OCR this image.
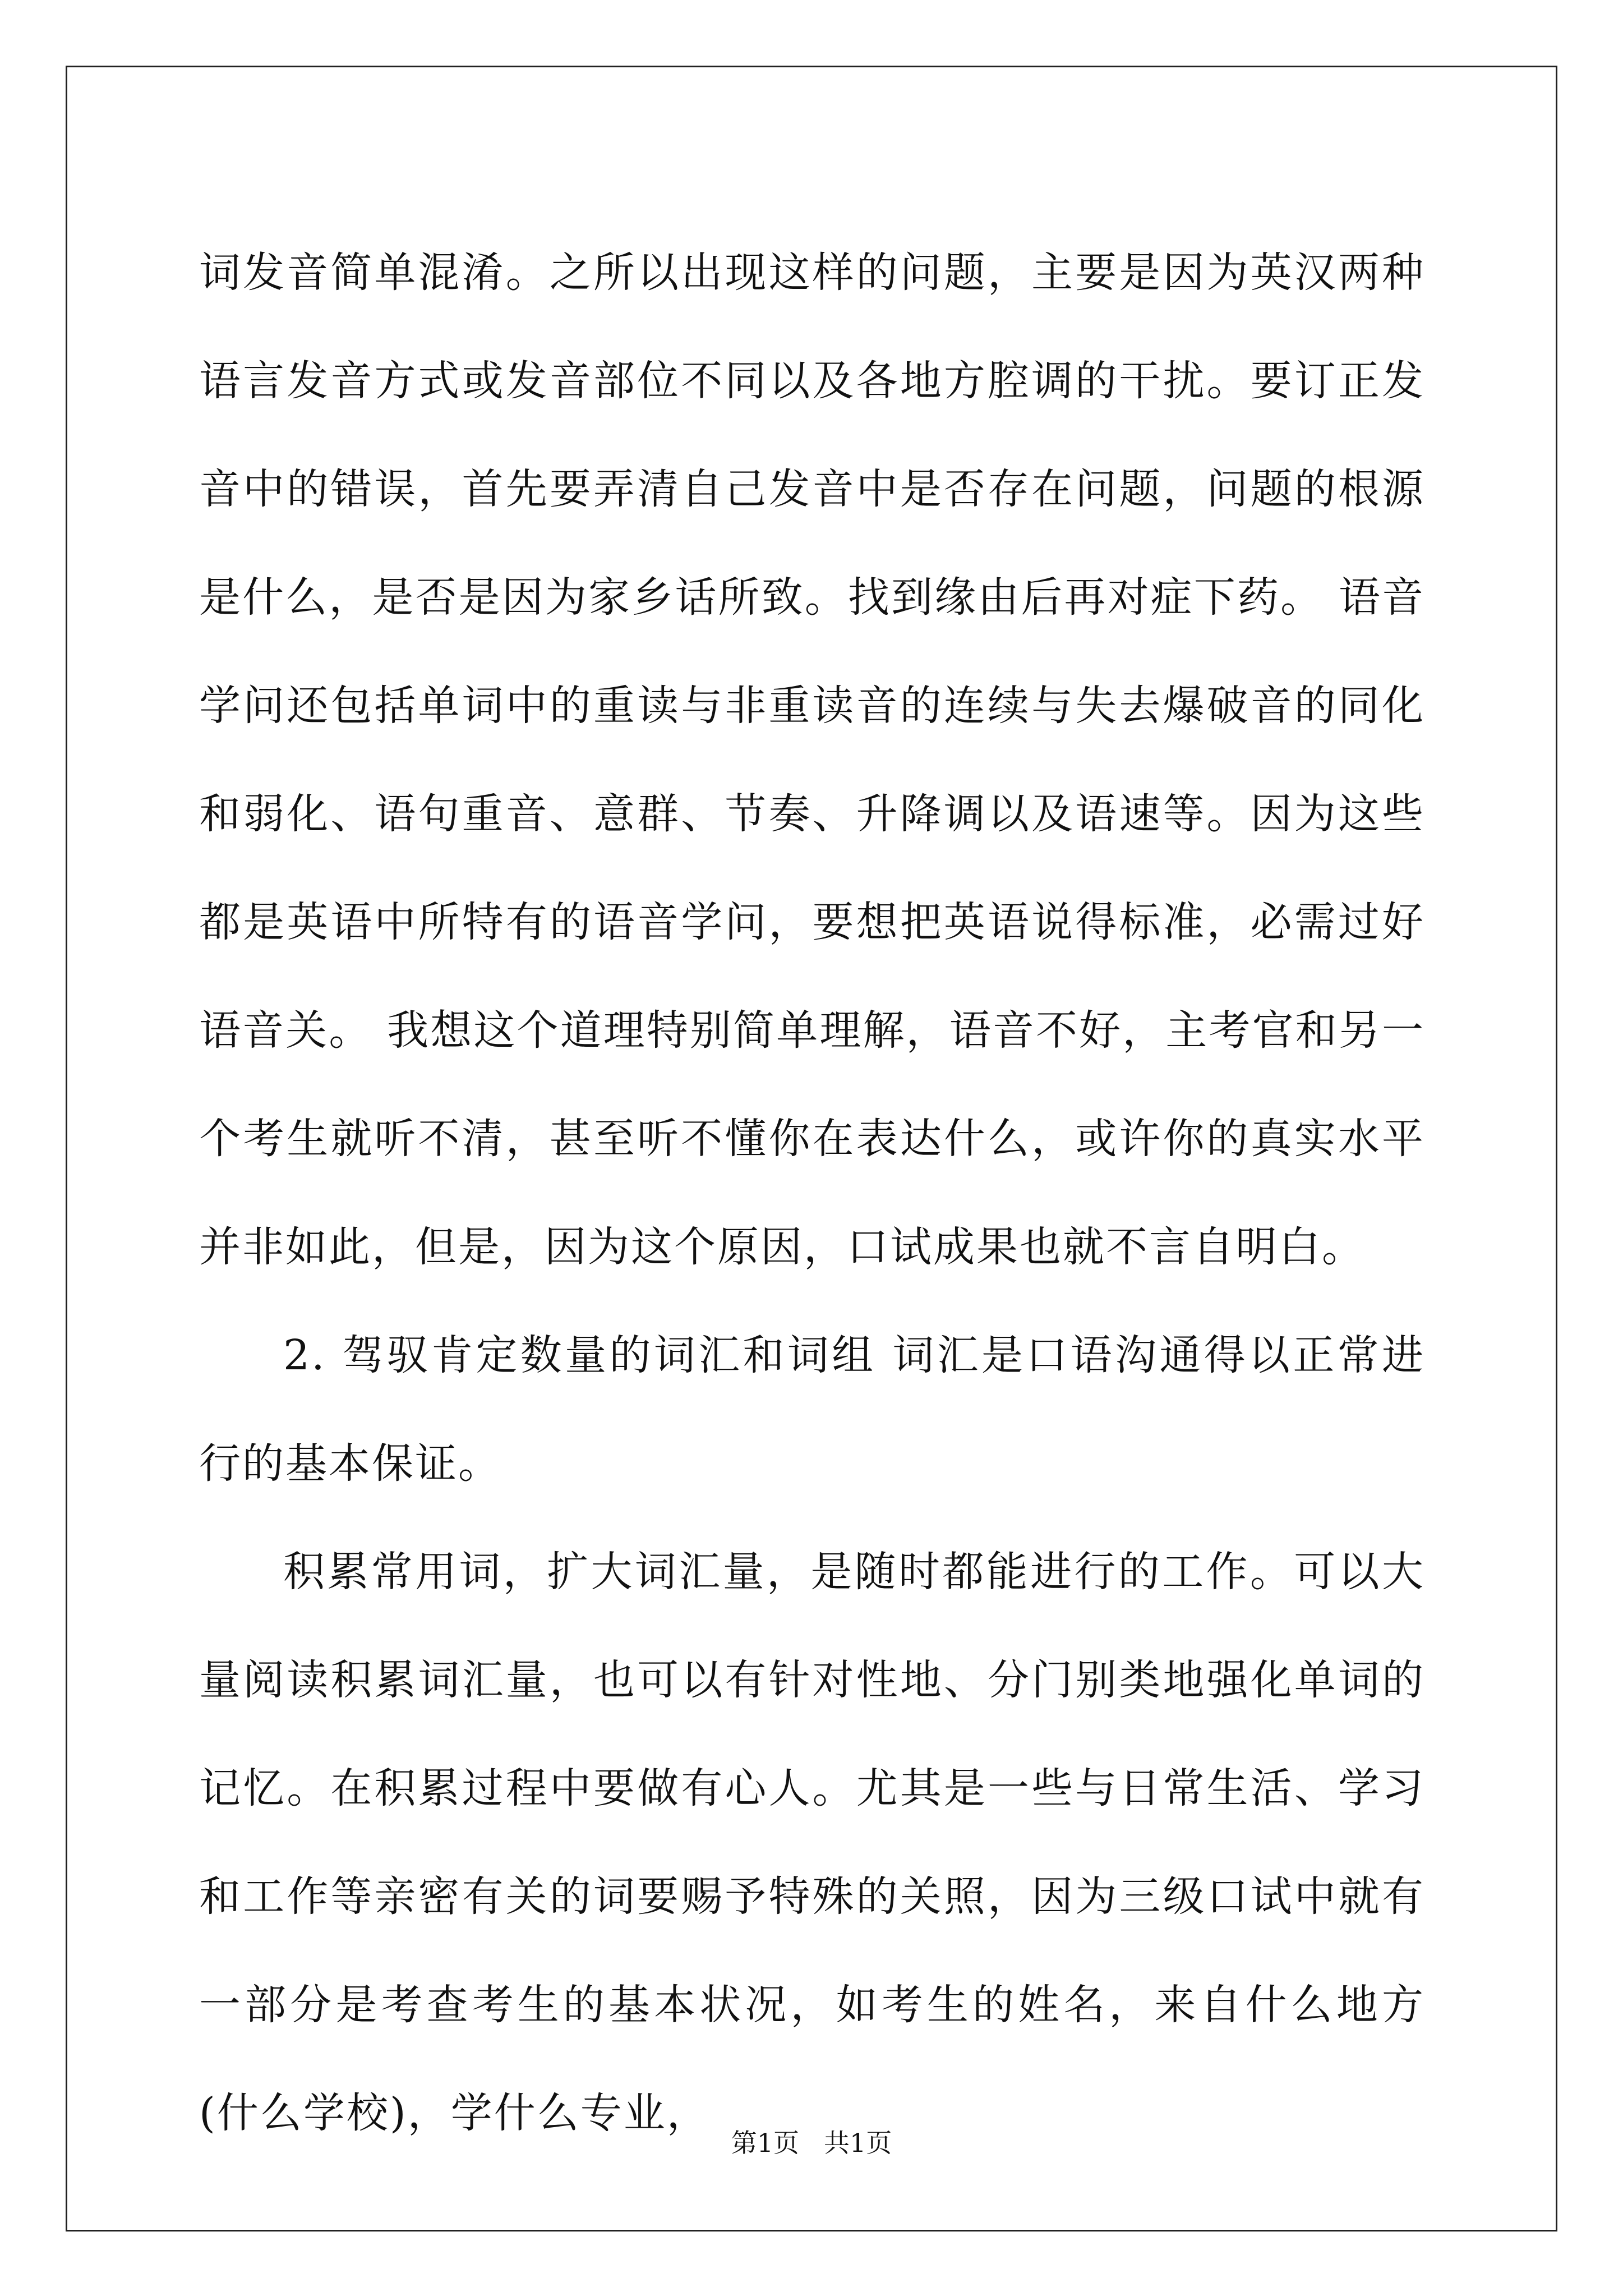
词发音简单混淆。之所以出现这样的问题，主要是因为英汉两种语言发音方式或发音部位不同以及各地方腔调的干扰。要订正发音中的错误，首先要弄清自己发音中是否存在问题，问题的根源是什么，是否是因为家乡话所致。找到缘由后再对症下药。 语音学问还包括单词中的重读与非重读音的连续与失去爆破音的同化和弱化、语句重音、意群、节奏、升降调以及语速等。因为这些都是英语中所特有的语音学问，要想把英语说得标准，必需过好语音关。 我想这个道理特别简单理解，语音不好，主考官和另一个考生就听不清，甚至听不懂你在表达什么，或许你的真实水平并非如此，但是，因为这个原因，口试成果也就不言自明白。

2. 驾驭肯定数量的词汇和词组 词汇是口语沟通得以正常进行的基本保证。

积累常用词，扩大词汇量，是随时都能进行的工作。可以大量阅读积累词汇量，也可以有针对性地、分门别类地强化单词的记忆。在积累过程中要做有心人。尤其是一些与日常生活、学习和工作等亲密有关的词要赐予特殊的关照，因为三级口试中就有一部分是考查考生的基本状况，如考生的姓名，来自什么地方(什么学校)，学什么专业，

第1页 共1页
